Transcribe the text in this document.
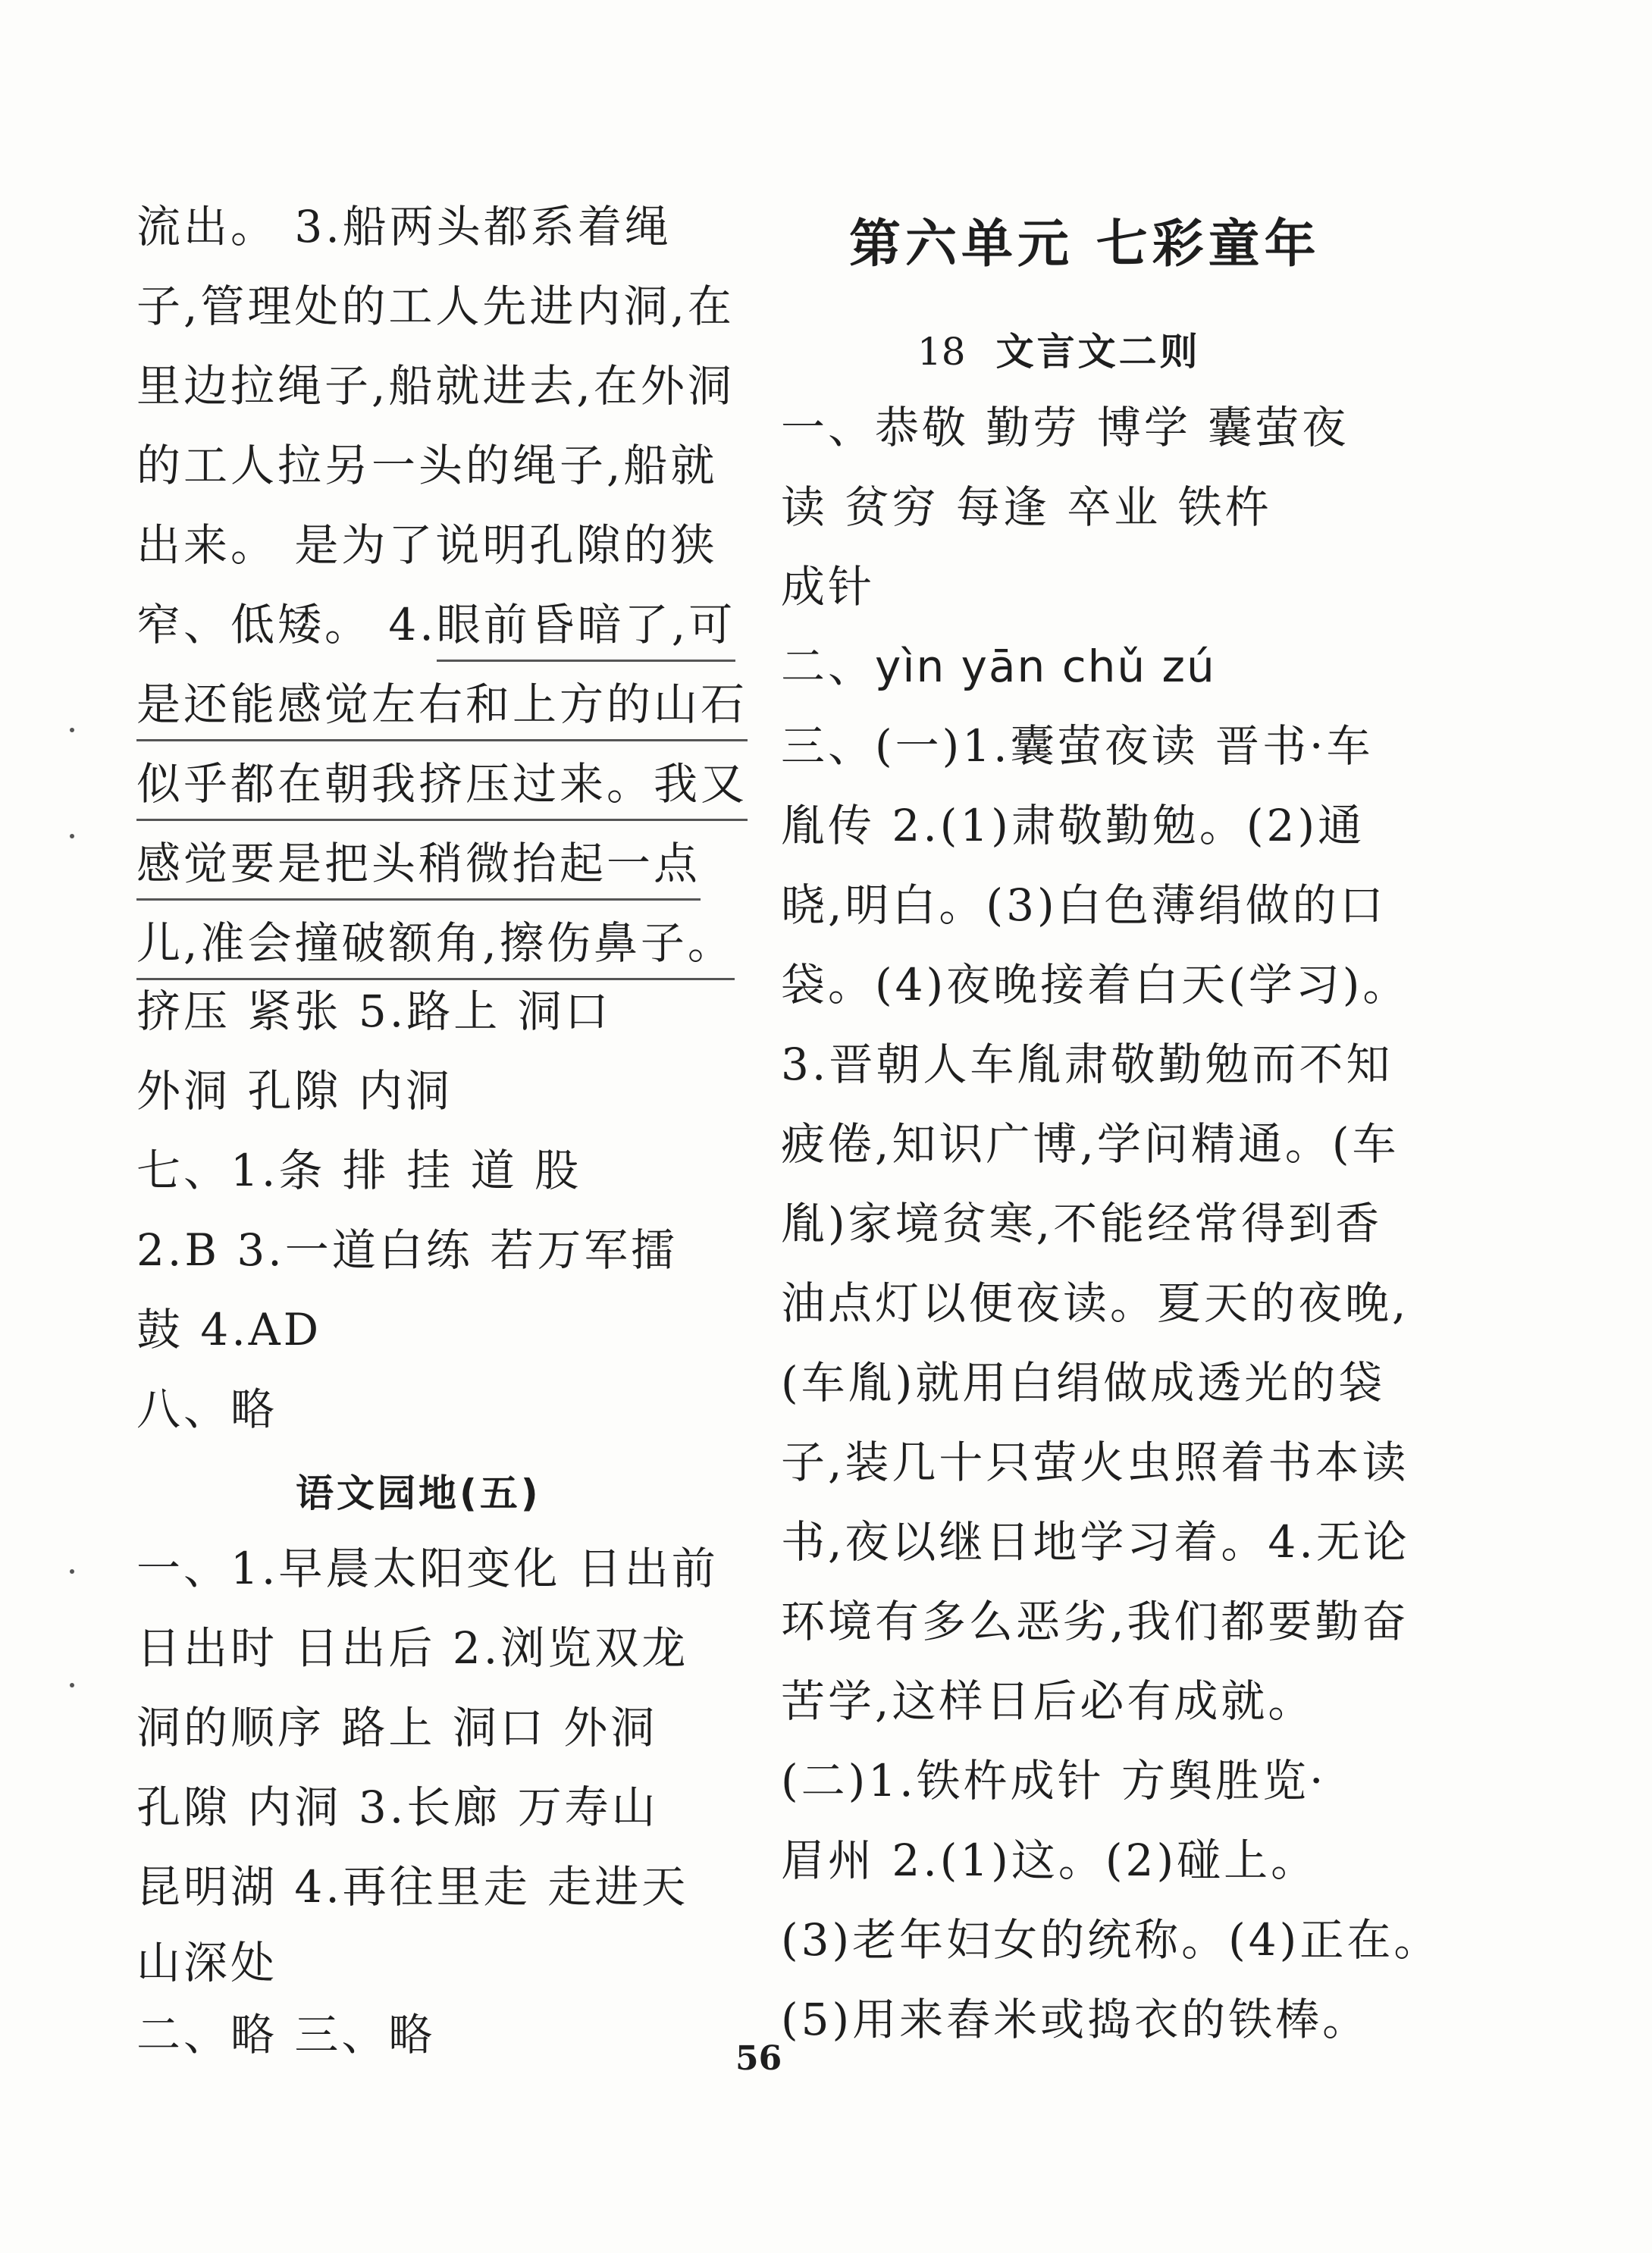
流出。 3.船两头都系着绳
子,管理处的工人先进内洞,在
里边拉绳子,船就进去,在外洞
的工人拉另一头的绳子,船就
出来。 是为了说明孔隙的狭
窄、低矮。 4.眼前昏暗了,可
是还能感觉左右和上方的山石
似乎都在朝我挤压过来。我又
感觉要是把头稍微抬起一点
儿,准会撞破额角,擦伤鼻子。
挤压 紧张 5.路上 洞口
外洞 孔隙 内洞
七、1.条 排 挂 道 股
2.B 3.一道白练 若万军擂
鼓 4.AD
八、略
语文园地(五)
一、1.早晨太阳变化 日出前
日出时 日出后 2.浏览双龙
洞的顺序 路上 洞口 外洞
孔隙 内洞 3.长廊 万寿山
昆明湖 4.再往里走 走进天
山深处
二、略 三、略
第六单元 七彩童年
18 文言文二则
一、恭敬 勤劳 博学 囊萤夜
读 贫穷 每逢 卒业 铁杵
成针
二、yìn yān chǔ zú
三、(一)1.囊萤夜读 晋书·车
胤传 2.(1)肃敬勤勉。(2)通
晓,明白。(3)白色薄绢做的口
袋。(4)夜晚接着白天(学习)。
3.晋朝人车胤肃敬勤勉而不知
疲倦,知识广博,学问精通。(车
胤)家境贫寒,不能经常得到香
油点灯以便夜读。夏天的夜晚,
(车胤)就用白绢做成透光的袋
子,装几十只萤火虫照着书本读
书,夜以继日地学习着。4.无论
环境有多么恶劣,我们都要勤奋
苦学,这样日后必有成就。
(二)1.铁杵成针 方舆胜览·
眉州 2.(1)这。(2)碰上。
(3)老年妇女的统称。(4)正在。
(5)用来舂米或捣衣的铁棒。
56
